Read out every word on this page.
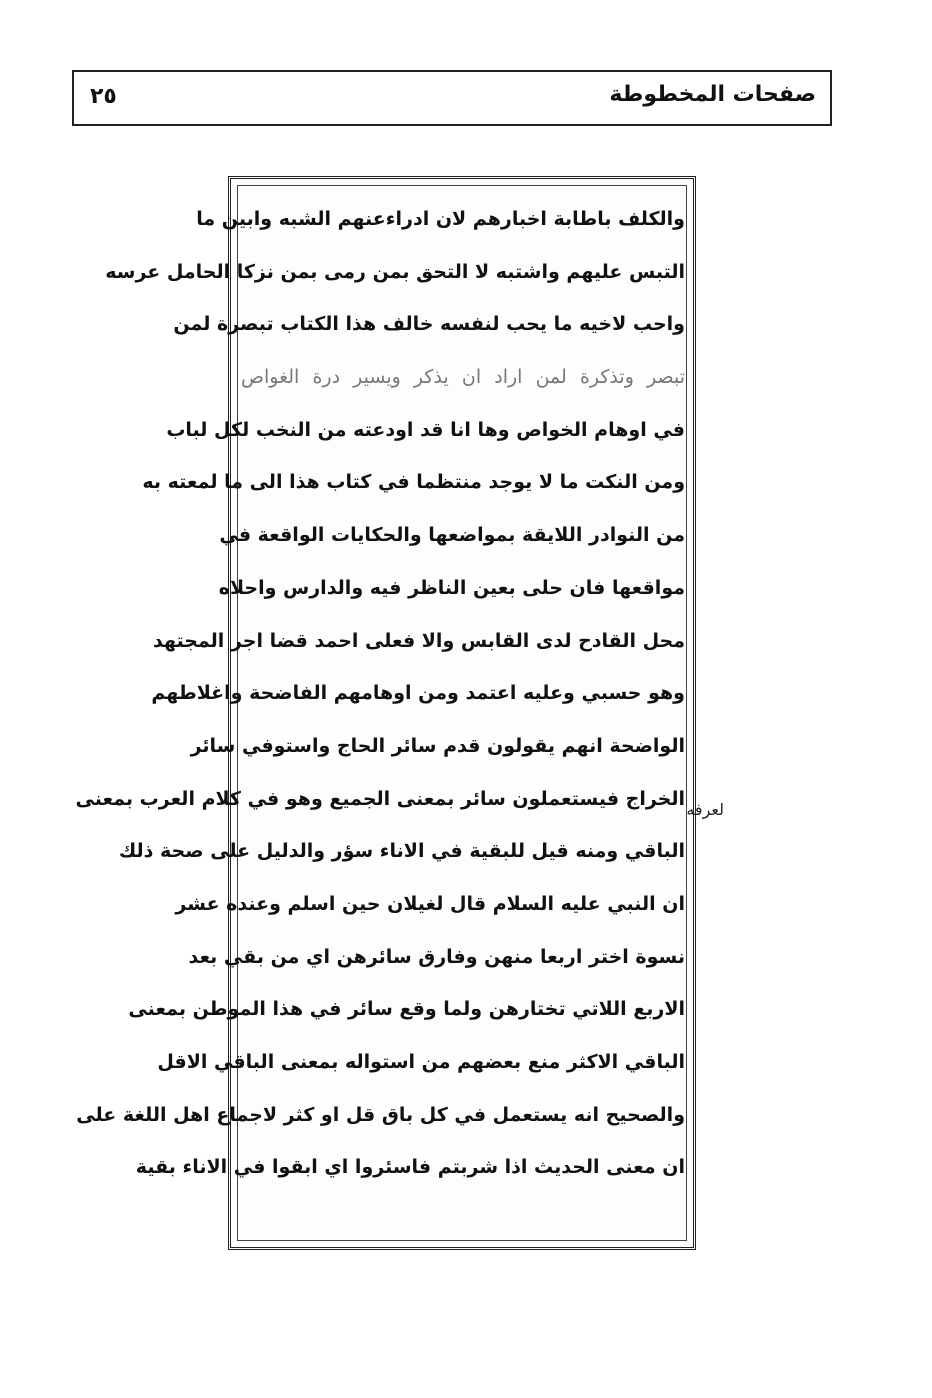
٢٥	صفحات المخطوطة
والكلف باطابة اخبارهم لان ادراءعنهم الشبه وابين ما
التبس عليهم واشتبه لا التحق بمن رمى بمن نزكا الحامل عرسه
واحب لاخيه ما يحب لنفسه خالف هذا الكتاب تبصرة لمن
تبصر وتذكرة لمن اراد ان يذكر ويسير درة الغواص
في اوهام الخواص وها انا قد اودعته من النخب لكل لباب
ومن النكت ما لا يوجد منتظما في كتاب هذا الى ما لمعته به
من النوادر اللايقة بمواضعها والحكايات الواقعة في
مواقعها فان حلى بعين الناظر فيه والدارس واحلاه
محل القادح لدى القابس والا فعلى احمد قضا اجر المجتهد
وهو حسبي وعليه اعتمد ومن اوهامهم الفاضحة واغلاطهم
الواضحة انهم يقولون قدم سائر الحاج واستوفي سائر
الخراج فيستعملون سائر بمعنى الجميع وهو في كلام العرب بمعنى
الباقي ومنه قيل للبقية في الاناء سؤر والدليل على صحة ذلك
ان النبي عليه السلام قال لغيلان حين اسلم وعنده عشر
نسوة اختر اربعا منهن وفارق سائرهن اي من بقي بعد
الاربع اللاتي تختارهن ولما وقع سائر في هذا الموطن بمعنى
الباقي الاكثر منع بعضهم من استواله بمعنى الباقي الاقل
والصحيح انه يستعمل في كل باق قل او كثر لاجماع اهل اللغة على
ان معنى الحديث اذا شربتم فاسئروا اي ابقوا في الاناء بقية
لعرفه
